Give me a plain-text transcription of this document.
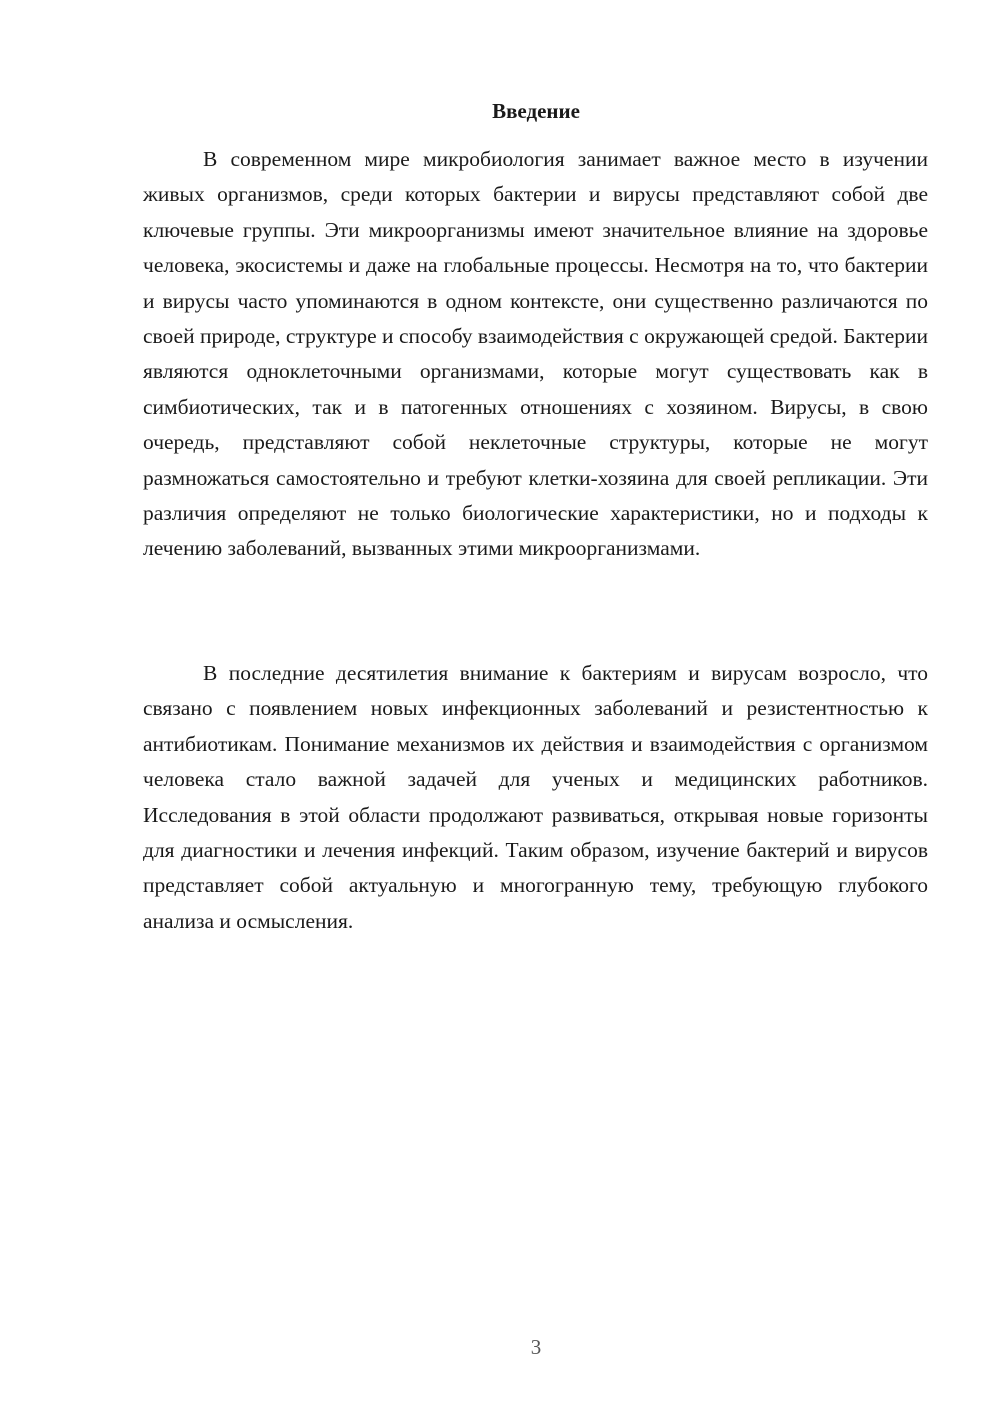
Введение

В современном мире микробиология занимает важное место в изучении живых организмов, среди которых бактерии и вирусы представляют собой две ключевые группы. Эти микроорганизмы имеют значительное влияние на здоровье человека, экосистемы и даже на глобальные процессы. Несмотря на то, что бактерии и вирусы часто упоминаются в одном контексте, они существенно различаются по своей природе, структуре и способу взаимодействия с окружающей средой. Бактерии являются одноклеточными организмами, которые могут существовать как в симбиотических, так и в патогенных отношениях с хозяином. Вирусы, в свою очередь, представляют собой неклеточные структуры, которые не могут размножаться самостоятельно и требуют клетки-хозяина для своей репликации. Эти различия определяют не только биологические характеристики, но и подходы к лечению заболеваний, вызванных этими микроорганизмами.

В последние десятилетия внимание к бактериям и вирусам возросло, что связано с появлением новых инфекционных заболеваний и резистентностью к антибиотикам. Понимание механизмов их действия и взаимодействия с организмом человека стало важной задачей для ученых и медицинских работников. Исследования в этой области продолжают развиваться, открывая новые горизонты для диагностики и лечения инфекций. Таким образом, изучение бактерий и вирусов представляет собой актуальную и многогранную тему, требующую глубокого анализа и осмысления.

3
